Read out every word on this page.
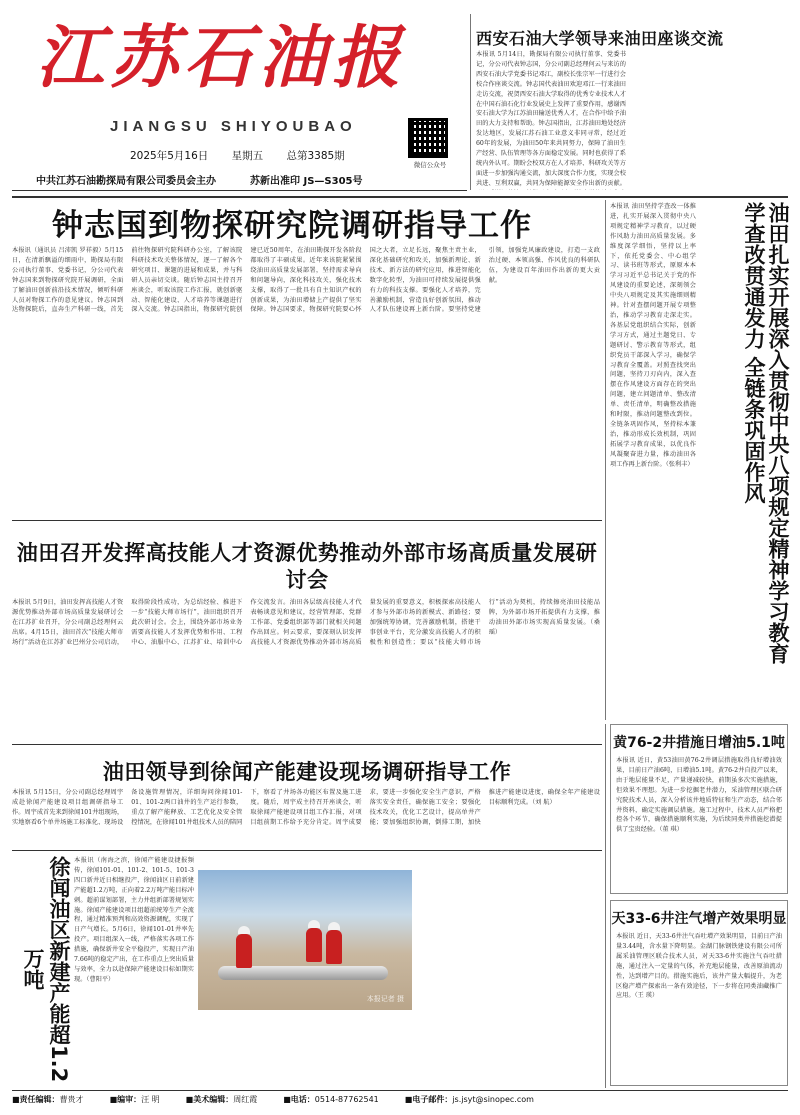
江苏石油报
JIANGSU SHIYOUBAO
2025年5月16日 星期五 总第3385期
微信公众号
中共江苏石油勘探局有限公司委员会主办	苏新出准印 JS—S305号
西安石油大学领导来油田座谈交流
本报讯 5月14日，勘探局有限公司执行董事、党委书记，分公司代表钟志国，分公司副总经理何云与来访的西安石油大学党委书记邓江，副校长张宗军一行进行会校合作座谈交流。钟志国代表油田欢迎邓江一行来油田走访交流，祝贺西安石油大学取得的优秀专业技术人才在中国石油石化行业发展史上发挥了重要作用，感谢西安石油大学为江苏油田输送优秀人才，在合作中给予油田的大力支持和帮助。钟志国指出，江苏油田地处经济发达地区，发展江苏石油工业意义非同寻常，经过近60年的发展，为油田50年来共同努力，保障了油田生产经营、队伍管理等各方面稳定发展。同时也获得了系统内外认可。期盼会校双方在人才培养、科研攻关等方面进一步加强沟通交流，加大深度合作力度，实现会校共进、互利双赢，共同为保障能源安全作出新的贡献。
钟志国到物探研究院调研指导工作
本报讯（通讯员 吕沛凯 罗祥毅）5月15日，在清新飘溢的细雨中，勘探局有限公司执行董事、党委书记，分公司代表钟志国来到物探研究院开展调研，全面了解油田创新前沿技术情况，倾听科研人员对物探工作的意见建议。钟志国到达物探院后，直奔生产科研一线，首先前往物探研究院科研办公室，了解该院科研技术攻关整体情况，逐一了解各个研究项目、课题的进展和成果，并与科研人员亲切交谈。随后钟志国主持召开座谈会，听取该院工作汇报，就创新驱动、智能化建设、人才培养等课题进行深入交流。钟志国指出，物探研究院创建已近50周年，在油田勘探开发各阶段都取得了丰硕成果。近年来该院紧紧围绕油田高质量发展部署，坚持需求导向和问题导向，深化科技攻关，强化技术支撑，取得了一批具有自主知识产权的创新成果，为油田增储上产提供了坚实保障。钟志国要求，物探研究院要心怀国之大者，立足长远，聚焦主责主业，深化基础研究和攻关，加强新理论、新技术、新方法的研究应用，推进智能化数字化转型，为油田可持续发展提供强有力的科技支撑。要强化人才培养，完善激励机制，营造良好创新氛围，推动人才队伍建设再上新台阶。要坚持党建引领，加强党风廉政建设，打造一支政治过硬、本领高强、作风优良的科研队伍，为建设百年油田作出新的更大贡献。	油田扎实开展深入贯彻中央八项规定精神学习教育 学查改贯通发力 全链条巩固作风
本报讯 油田坚持学查改一体推进，扎实开展深入贯彻中央八项规定精神学习教育，以过硬作风助力油田高质量发展。多维度深学细悟，坚持以上率下，依托党委会、中心组学习、读书班等形式，原原本本学习习近平总书记关于党的作风建设的重要论述，深刻领会中央八项规定及其实施细则精神。针对查摆问题开展专项整治，推动学习教育走深走实。各基层党组织结合实际，创新学习方式，通过主题党日、专题研讨、警示教育等形式，组织党员干部深入学习，确保学习教育全覆盖。对照查找突出问题，坚持刀刃向内，深入查摆在作风建设方面存在的突出问题，建立问题清单、整改清单、责任清单，明确整改措施和时限，推动问题整改到位。全链条巩固作风，坚持标本兼治，推动形成长效机制，巩固拓展学习教育成果，以优良作风凝聚奋进力量，推动油田各项工作再上新台阶。（张利丰）
油田召开发挥高技能人才资源优势推动外部市场高质量发展研讨会
本报讯 5月9日，油田发挥高技能人才资源优势推动外部市场高质量发展研讨会在江苏扩业召开，分公司副总经理何云出席。4月15日，油田首次“技能大师市场行”活动在江苏扩业巴州分公司启动，取得阶段性成功，为总结经验、推进下一步“技能大师市场行”，油田组织召开此次研讨会。会上，围绕外部市场业务需要高技能人才发挥优势和作用、工程中心、油服中心、江苏扩业、培训中心作交流发言。油田各层级高技能人才代表畅谈意见和建议，经营管理部、党群工作部、党委组织部等部门就相关问题作出回应。何云要求，要深刻认识发挥高技能人才资源优势推动外部市场高质量发展的重要意义，积极探索高技能人才参与外部市场的新模式、新路径；要加强统筹协调，完善激励机制，搭建干事创业平台，充分激发高技能人才的积极性和创造性；要以“技能大师市场行”活动为契机，持续擦亮油田技能品牌，为外部市场开拓提供有力支撑，推动油田外部市场实现高质量发展。（桑瑶）
油田领导到徐闻产能建设现场调研指导工作
本报讯 5月15日，分公司副总经理周宇成赴徐闻产能建设项目组调研指导工作。周宇成首先来到徐闻101井组现场，实地察看6个单井场施工标准化、现场设备设施管理情况，详细询问徐闻101-01、101-2两口油井的生产运行参数，重点了解产能释放、工艺优化及安全管控情况，在徐闻101井组技术人员的陪同下，察看了井场各功能区布置及施工进度。随后，周宇成主持召开座谈会，听取徐闻产能建设项目组工作汇报，对项目组前期工作给予充分肯定。周宇成要求，要进一步强化安全生产意识，严格落实安全责任，确保施工安全；要强化技术攻关，优化工艺设计，提高单井产能；要加强组织协调，倒排工期，加快推进产能建设进度，确保全年产能建设目标顺利完成。（刘 航）
徐闻油区新建产能超1.2万吨
本报讯（南海之滨，徐闻产能建设捷报频传，徐闻101-01、101-2、101-5、101-3四口新井近日相继投产，徐闻油区日前新建产能超1.2万吨，正向着2.2万吨产能目标冲刺。超前谋划部署，主力井组新部署规划实施。徐闻产能建设项目组超前统筹生产全流程，通过精准预判和高效资源调配，实现了日产气增长。5月6日，徐闻101-01井率先投产。项目组深入一线，严格落实各项工作措施，确保新井安全平稳投产，实现日产油7.66吨的稳定产出，在工作重点上突出质量与效率，全力以赴保障产能建设目标如期实现。（曹阳平）
本报记者 摄
黄76-2井措施日增油5.1吨
本报讯 近日，黄53油田黄76-2井调层措施取得良好增油效果，目前日产油6吨，日增油5.1吨。黄76-2井自投产以来，由于地层能量不足，产量递减较快，前期虽多次实施措施，但效果不理想。为进一步挖掘老井潜力，采油管理区联合研究院技术人员，深入分析该井地质特征和生产动态，结合邻井资料，确定实施调层措施。施工过程中，技术人员严格把控各个环节，确保措施顺利实施，为后续同类井措施挖潜提供了宝贵经验。（董 琪）
天33-6井注气增产效果明显
本报讯 近日，天33-6井注气吞吐增产效果明显，目前日产油量3.44吨，含水量下降明显。金湖门脉钢铁建设有限公司所属采油管理区联合技术人员，对天33-6井实施注气吞吐措施，通过注入一定量的气体，补充地层能量，改善原油流动性，达到增产目的。措施实施后，该井产量大幅提升，为老区稳产增产探索出一条有效途径，下一步将在同类油藏推广应用。（王 瑛）
■责任编辑：曹贵才	■编审：汪 明	■美术编辑：周红霞	■电话：0514-87762541	■电子邮件：js.jsyt@sinopec.com
